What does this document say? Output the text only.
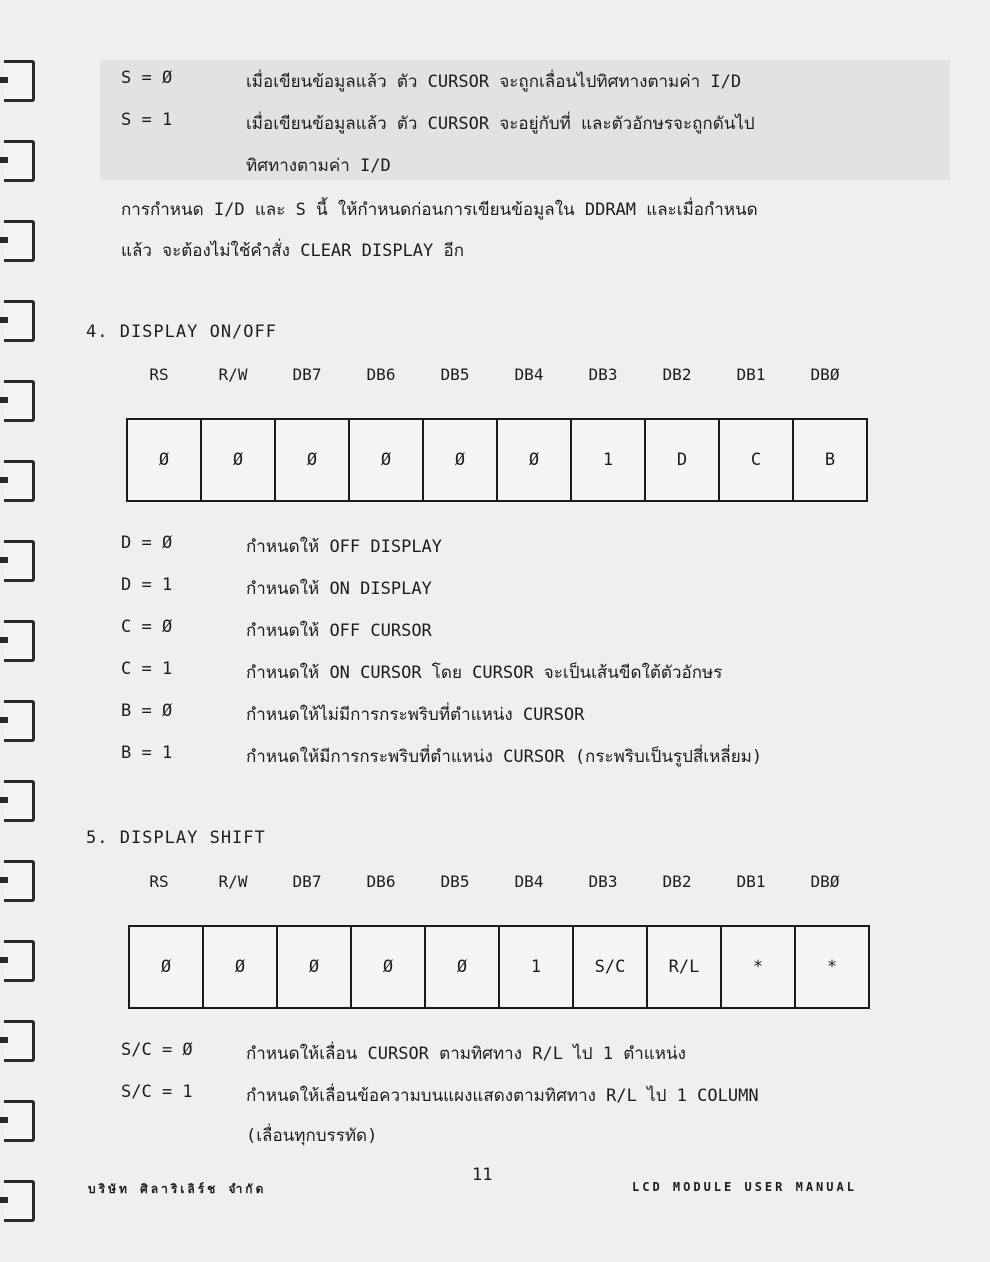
S = Ø	เมื่อเขียนข้อมูลแล้ว ตัว CURSOR จะถูกเลื่อนไปทิศทางตามค่า I/D
S = 1	เมื่อเขียนข้อมูลแล้ว ตัว CURSOR จะอยู่กับที่ และตัวอักษรจะถูกดันไป
ทิศทางตามค่า I/D
การกำหนด I/D และ S นี้ ให้กำหนดก่อนการเขียนข้อมูลใน DDRAM และเมื่อกำหนด
แล้ว จะต้องไม่ใช้คำสั่ง CLEAR DISPLAY อีก
4. DISPLAY ON/OFF
RS	R/W	DB7	DB6	DB5	DB4	DB3	DB2	DB1	DBØ
Ø	Ø	Ø	Ø	Ø	Ø	1	D	C	B
D = Ø	กำหนดให้ OFF DISPLAY
D = 1	กำหนดให้ ON DISPLAY
C = Ø	กำหนดให้ OFF CURSOR
C = 1	กำหนดให้ ON CURSOR โดย CURSOR จะเป็นเส้นขีดใต้ตัวอักษร
B = Ø	กำหนดให้ไม่มีการกระพริบที่ตำแหน่ง CURSOR
B = 1	กำหนดให้มีการกระพริบที่ตำแหน่ง CURSOR (กระพริบเป็นรูปสี่เหลี่ยม)
5. DISPLAY SHIFT
RS	R/W	DB7	DB6	DB5	DB4	DB3	DB2	DB1	DBØ
Ø	Ø	Ø	Ø	Ø	1	S/C	R/L	*	*
S/C = Ø	กำหนดให้เลื่อน CURSOR ตามทิศทาง R/L ไป 1 ตำแหน่ง
S/C = 1	กำหนดให้เลื่อนข้อความบนแผงแสดงตามทิศทาง R/L ไป 1 COLUMN
(เลื่อนทุกบรรทัด)
บริษัท ศิลาริเลิร์ช จำกัด
11
LCD MODULE USER MANUAL
